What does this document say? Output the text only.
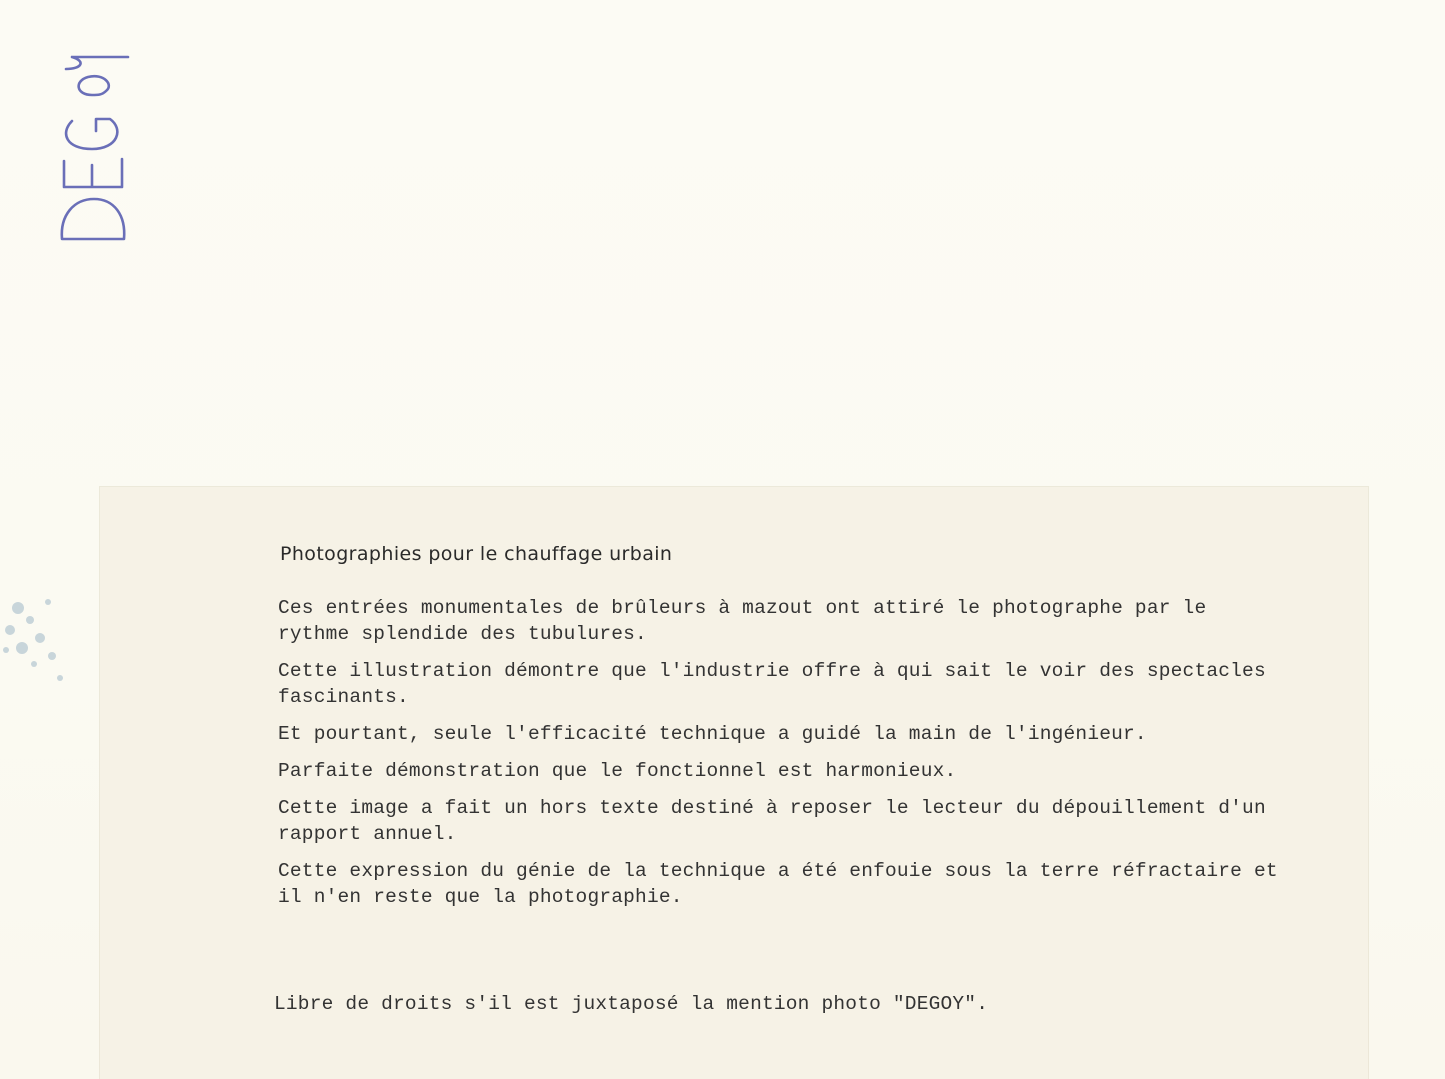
Photographies pour le chauffage urbain
Ces entrées monumentales de brûleurs à mazout ont attiré le photographe par le rythme splendide des tubulures.
Cette illustration démontre que l'industrie offre à qui sait le voir des spectacles fascinants.
Et pourtant, seule l'efficacité technique a guidé la main de l'ingénieur.
Parfaite démonstration que le fonctionnel est harmonieux.
Cette image a fait un hors texte destiné à reposer le lecteur du dépouillement d'un rapport annuel.
Cette expression du génie de la technique a été enfouie sous la terre réfractaire et il n'en reste que la photographie.

Libre de droits s'il est juxtaposé la mention photo "DEGOY".
